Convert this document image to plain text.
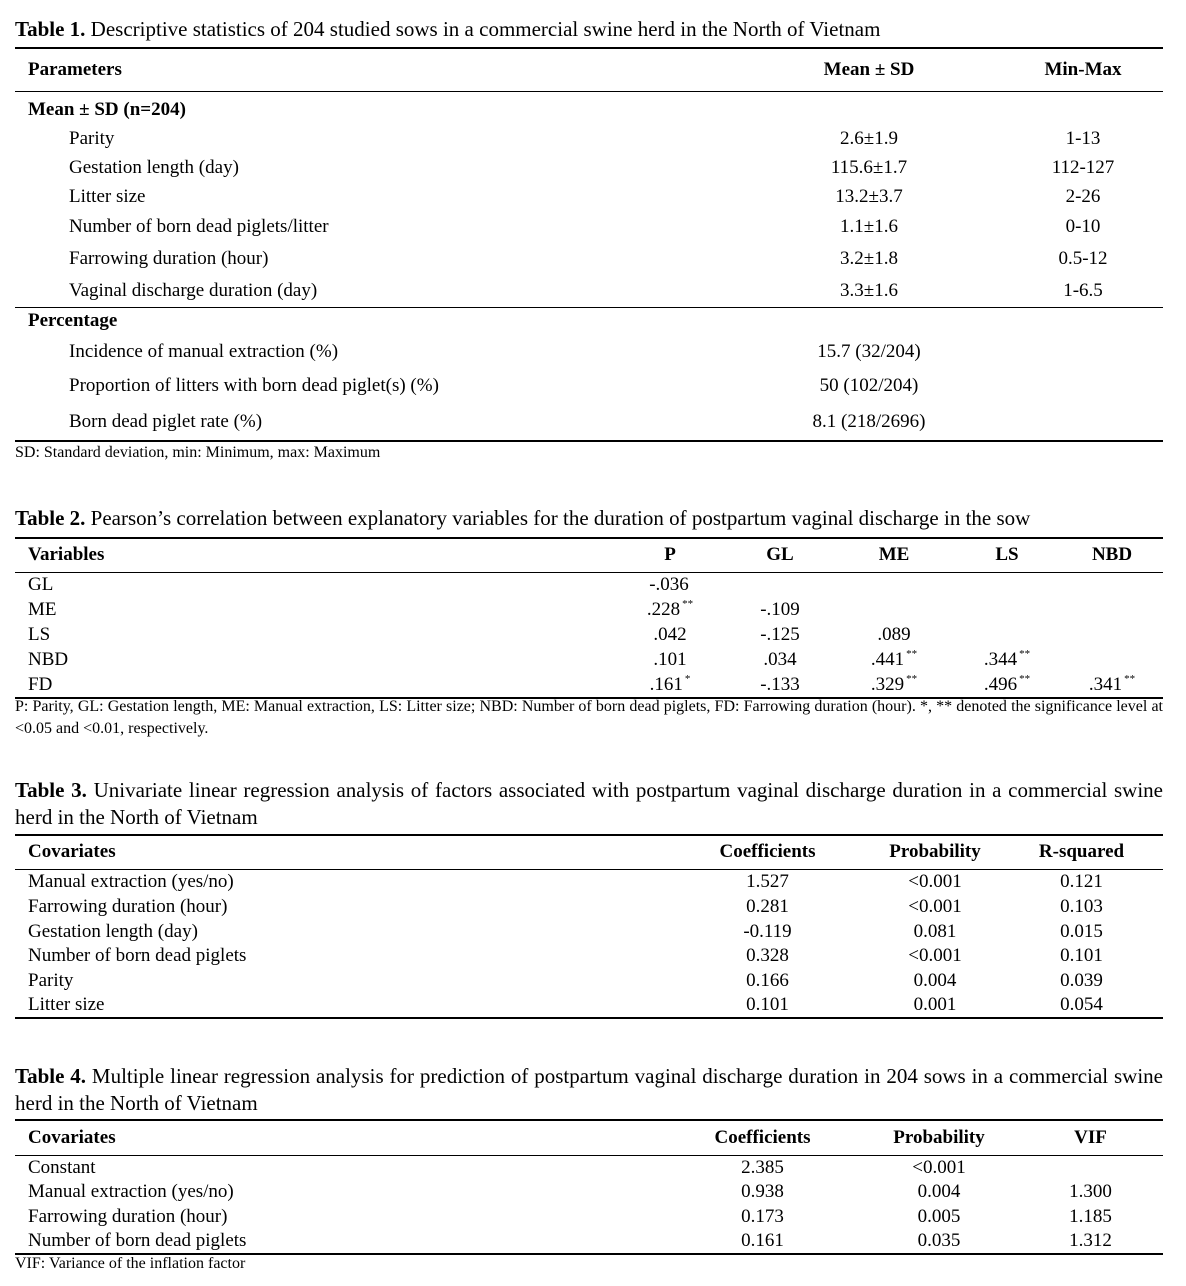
Table 1. Descriptive statistics of 204 studied sows in a commercial swine herd in the North of Vietnam
Parameters	Mean ± SD	Min-Max
Mean ± SD (n=204)		
Parity	2.6±1.9	1-13
Gestation length (day)	115.6±1.7	112-127
Litter size	13.2±3.7	2-26
Number of born dead piglets/litter	1.1±1.6	0-10
Farrowing duration (hour)	3.2±1.8	0.5-12
Vaginal discharge duration (day)	3.3±1.6	1-6.5
Percentage		
Incidence of manual extraction (%)	15.7 (32/204)	
Proportion of litters with born dead piglet(s) (%)	50 (102/204)	
Born dead piglet rate (%)	8.1 (218/2696)	
SD: Standard deviation, min: Minimum, max: Maximum
Table 2. Pearson’s correlation between explanatory variables for the duration of postpartum vaginal discharge in the sow
Variables	P	GL	ME	LS	NBD
GL	-.036				
ME	.228 **	-.109			
LS	.042	-.125	.089		
NBD	.101	.034	.441 **	.344 **	
FD	.161 *	-.133	.329 **	.496 **	.341 **
P: Parity, GL: Gestation length, ME: Manual extraction, LS: Litter size; NBD: Number of born dead piglets, FD: Farrowing duration (hour). *, ** denoted the significance level at <0.05 and <0.01, respectively.
Table 3. Univariate linear regression analysis of factors associated with postpartum vaginal discharge duration in a commercial swine herd in the North of Vietnam
Covariates	Coefficients	Probability	R-squared
Manual extraction (yes/no)	1.527	<0.001	0.121
Farrowing duration (hour)	0.281	<0.001	0.103
Gestation length (day)	-0.119	0.081	0.015
Number of born dead piglets	0.328	<0.001	0.101
Parity	0.166	0.004	0.039
Litter size	0.101	0.001	0.054
Table 4. Multiple linear regression analysis for prediction of postpartum vaginal discharge duration in 204 sows in a commercial swine herd in the North of Vietnam
Covariates	Coefficients	Probability	VIF
Constant	2.385	<0.001	
Manual extraction (yes/no)	0.938	0.004	1.300
Farrowing duration (hour)	0.173	0.005	1.185
Number of born dead piglets	0.161	0.035	1.312
VIF: Variance of the inflation factor
